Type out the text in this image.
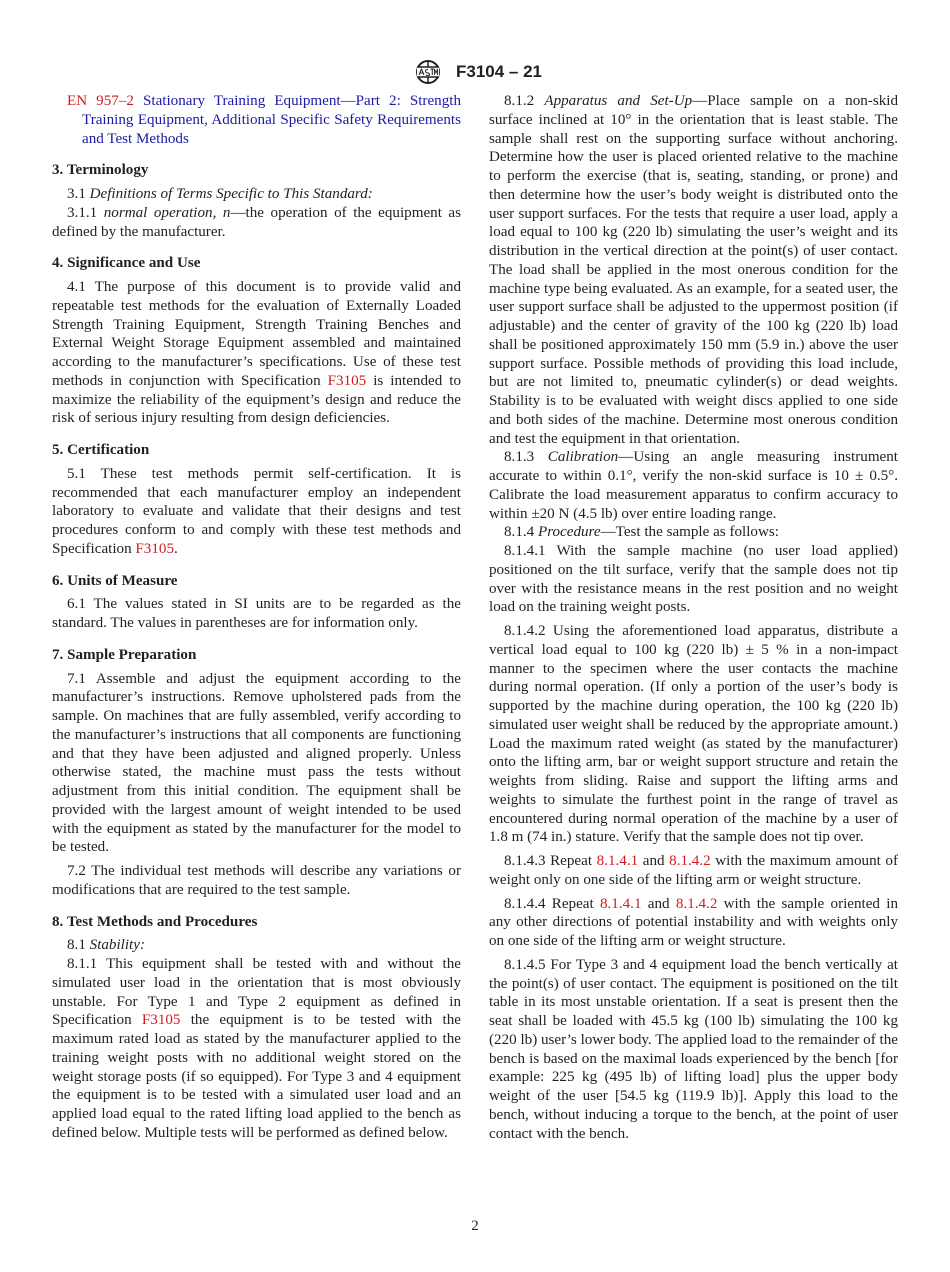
F3104 – 21

EN 957–2 Stationary Training Equipment—Part 2: Strength Training Equipment, Additional Specific Safety Requirements and Test Methods

3. Terminology

3.1 Definitions of Terms Specific to This Standard:

3.1.1 normal operation, n—the operation of the equipment as defined by the manufacturer.

4. Significance and Use

4.1 The purpose of this document is to provide valid and repeatable test methods for the evaluation of Externally Loaded Strength Training Equipment, Strength Training Benches and External Weight Storage Equipment assembled and maintained according to the manufacturer’s specifications. Use of these test methods in conjunction with Specification F3105 is intended to maximize the reliability of the equipment’s design and reduce the risk of serious injury resulting from design deficiencies.

5. Certification

5.1 These test methods permit self-certification. It is recommended that each manufacturer employ an independent laboratory to evaluate and validate that their designs and test procedures conform to and comply with these test methods and Specification F3105.

6. Units of Measure

6.1 The values stated in SI units are to be regarded as the standard. The values in parentheses are for information only.

7. Sample Preparation

7.1 Assemble and adjust the equipment according to the manufacturer’s instructions. Remove upholstered pads from the sample. On machines that are fully assembled, verify according to the manufacturer’s instructions that all components are functioning and that they have been adjusted and aligned properly. Unless otherwise stated, the machine must pass the tests without adjustment from this initial condition. The equipment shall be provided with the largest amount of weight intended to be used with the equipment as stated by the manufacturer for the model to be tested.

7.2 The individual test methods will describe any variations or modifications that are required to the test sample.

8. Test Methods and Procedures

8.1 Stability:

8.1.1 This equipment shall be tested with and without the simulated user load in the orientation that is most obviously unstable. For Type 1 and Type 2 equipment as defined in Specification F3105 the equipment is to be tested with the maximum rated load as stated by the manufacturer applied to the training weight posts with no additional weight stored on the weight storage posts (if so equipped). For Type 3 and 4 equipment the equipment is to be tested with a simulated user load and an applied load equal to the rated lifting load applied to the bench as defined below. Multiple tests will be performed as defined below.

8.1.2 Apparatus and Set-Up—Place sample on a non-skid surface inclined at 10° in the orientation that is least stable. The sample shall rest on the supporting surface without anchoring. Determine how the user is placed oriented relative to the machine to perform the exercise (that is, seating, standing, or prone) and then determine how the user’s body weight is distributed onto the user support surfaces. For the tests that require a user load, apply a load equal to 100 kg (220 lb) simulating the user’s weight and its distribution in the vertical direction at the point(s) of user contact. The load shall be applied in the most onerous condition for the machine type being evaluated. As an example, for a seated user, the user support surface shall be adjusted to the uppermost position (if adjustable) and the center of gravity of the 100 kg (220 lb) load shall be positioned approximately 150 mm (5.9 in.) above the user support surface. Possible methods of providing this load include, but are not limited to, pneumatic cylinder(s) or dead weights. Stability is to be evaluated with weight discs applied to one side and both sides of the machine. Determine most onerous condition and test the equipment in that orientation.

8.1.3 Calibration—Using an angle measuring instrument accurate to within 0.1°, verify the non-skid surface is 10 ± 0.5°. Calibrate the load measurement apparatus to confirm accuracy to within ±20 N (4.5 lb) over entire loading range.

8.1.4 Procedure—Test the sample as follows:

8.1.4.1 With the sample machine (no user load applied) positioned on the tilt surface, verify that the sample does not tip over with the resistance means in the rest position and no weight load on the training weight posts.

8.1.4.2 Using the aforementioned load apparatus, distribute a vertical load equal to 100 kg (220 lb) ± 5 % in a non-impact manner to the specimen where the user contacts the machine during normal operation. (If only a portion of the user’s body is supported by the machine during operation, the 100 kg (220 lb) simulated user weight shall be reduced by the appropriate amount.) Load the maximum rated weight (as stated by the manufacturer) onto the lifting arm, bar or weight support structure and retain the weights from sliding. Raise and support the lifting arms and weights to simulate the furthest point in the range of travel as encountered during normal operation of the machine by a user of 1.8 m (74 in.) stature. Verify that the sample does not tip over.

8.1.4.3 Repeat 8.1.4.1 and 8.1.4.2 with the maximum amount of weight only on one side of the lifting arm or weight structure.

8.1.4.4 Repeat 8.1.4.1 and 8.1.4.2 with the sample oriented in any other directions of potential instability and with weights only on one side of the lifting arm or weight structure.

8.1.4.5 For Type 3 and 4 equipment load the bench vertically at the point(s) of user contact. The equipment is positioned on the tilt table in its most unstable orientation. If a seat is present then the seat shall be loaded with 45.5 kg (100 lb) simulating the 100 kg (220 lb) user’s lower body. The applied load to the remainder of the bench is based on the maximal loads experienced by the bench [for example: 225 kg (495 lb) of lifting load] plus the upper body weight of the user [54.5 kg (119.9 lb)]. Apply this load to the bench, without inducing a torque to the bench, at the point of user contact with the bench.

2
